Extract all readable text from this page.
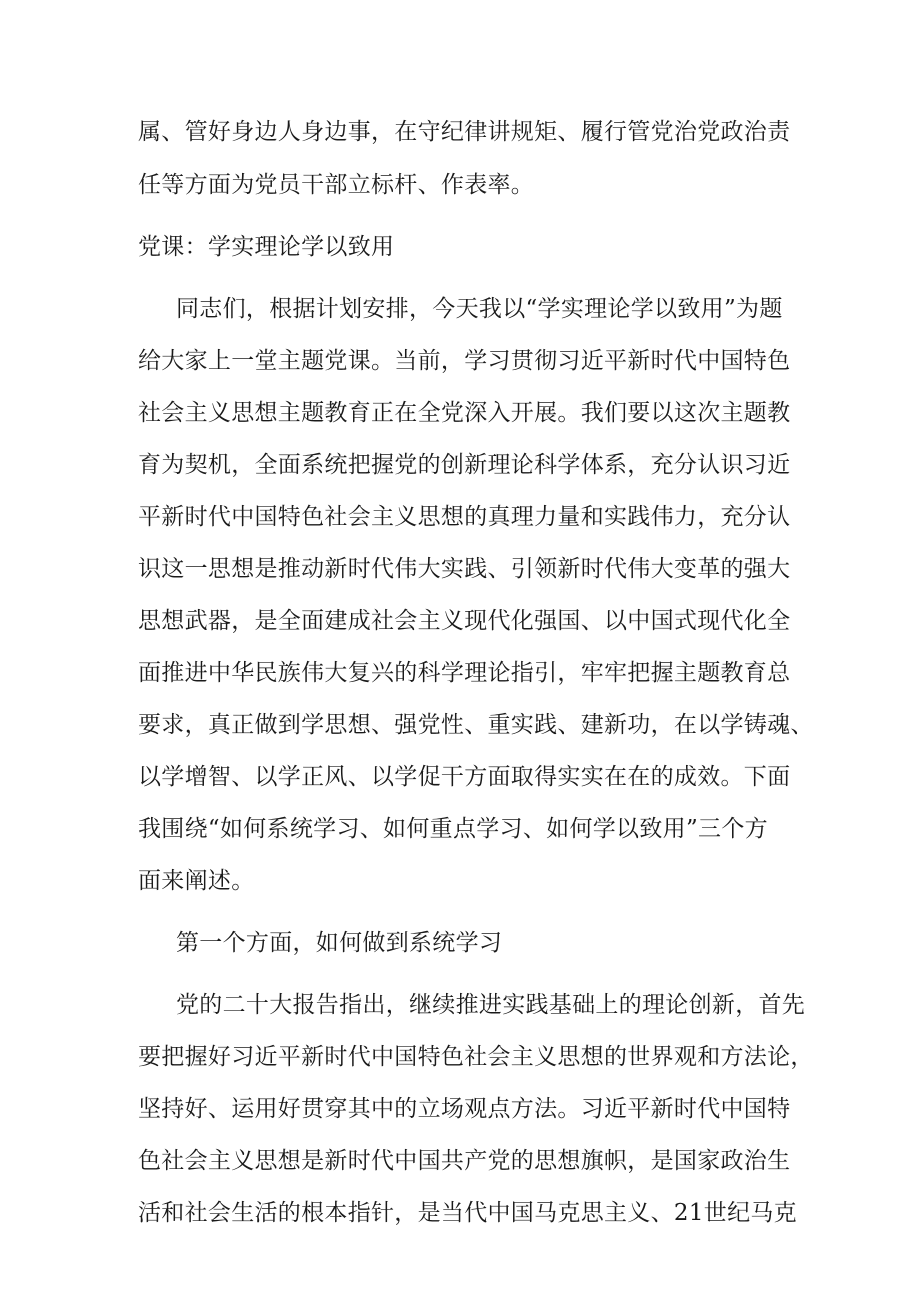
属、管好身边人身边事，在守纪律讲规矩、履行管党治党政治责
任等方面为党员干部立标杆、作表率。
党课：学实理论学以致用
同志们，根据计划安排，今天我以“学实理论学以致用”为题
给大家上一堂主题党课。当前，学习贯彻习近平新时代中国特色
社会主义思想主题教育正在全党深入开展。我们要以这次主题教
育为契机，全面系统把握党的创新理论科学体系，充分认识习近
平新时代中国特色社会主义思想的真理力量和实践伟力，充分认
识这一思想是推动新时代伟大实践、引领新时代伟大变革的强大
思想武器，是全面建成社会主义现代化强国、以中国式现代化全
面推进中华民族伟大复兴的科学理论指引，牢牢把握主题教育总
要求，真正做到学思想、强党性、重实践、建新功，在以学铸魂、
以学增智、以学正风、以学促干方面取得实实在在的成效。下面
我围绕“如何系统学习、如何重点学习、如何学以致用”三个方
面来阐述。
第一个方面，如何做到系统学习
党的二十大报告指出，继续推进实践基础上的理论创新，首先
要把握好习近平新时代中国特色社会主义思想的世界观和方法论，
坚持好、运用好贯穿其中的立场观点方法。习近平新时代中国特
色社会主义思想是新时代中国共产党的思想旗帜，是国家政治生
活和社会生活的根本指针，是当代中国马克思主义、21世纪马克
